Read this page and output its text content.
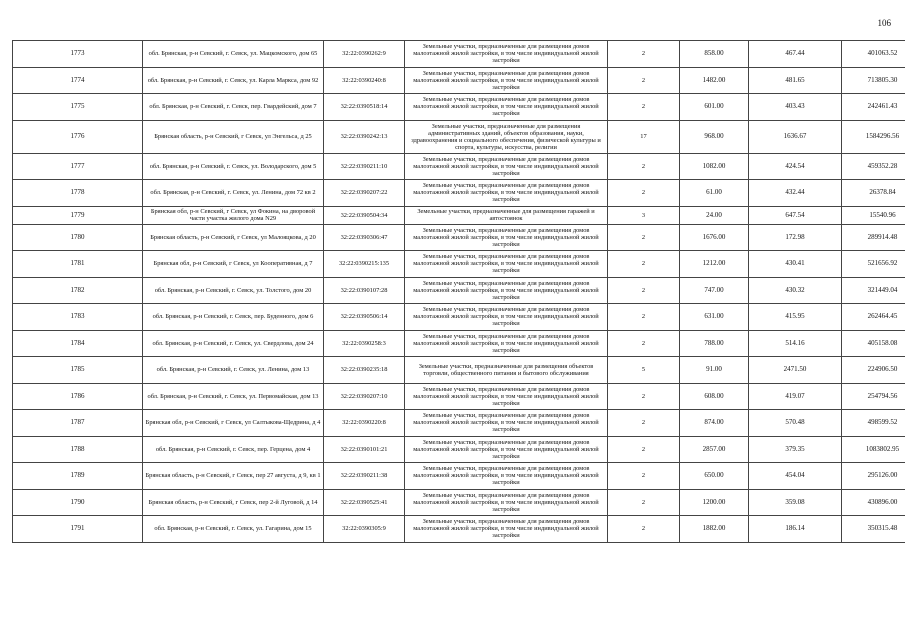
106
1773	обл. Брянская, р-н Севский, г. Севск, ул. Мацкомского, дом 65	32:22:0390262:9	Земельные участки, предназначенные для размещения домов малоэтажной жилой застройки, в том числе индивидуальной жилой застройки	2	858.00	467.44	401063.52
1774	обл. Брянская, р-н Севский, г. Севск, ул. Карла Маркса, дом 92	32:22:0390240:8	Земельные участки, предназначенные для размещения домов малоэтажной жилой застройки, в том числе индивидуальной жилой застройки	2	1482.00	481.65	713805.30
1775	обл. Брянская, р-н Севский, г. Севск, пер. Гвардейский, дом 7	32:22:0390518:14	Земельные участки, предназначенные для размещения домов малоэтажной жилой застройки, в том числе индивидуальной жилой застройки	2	601.00	403.43	242461.43
1776	Брянская область, р-н Севский, г Севск, ул Энгельса, д 25	32:22:0390242:13	Земельные участки, предназначенные для размещения административных зданий, объектов образования, науки, здравоохранения и социального обеспечения, физической культуры и спорта, культуры, искусства, религии	17	968.00	1636.67	1584296.56
1777	обл. Брянская, р-н Севский, г. Севск, ул. Володарского, дом 5	32:22:0390211:10	Земельные участки, предназначенные для размещения домов малоэтажной жилой застройки, в том числе индивидуальной жилой застройки	2	1082.00	424.54	459352.28
1778	обл. Брянская, р-н Севский, г. Севск, ул. Ленина, дом 72 кв 2	32:22:0390207:22	Земельные участки, предназначенные для размещения домов малоэтажной жилой застройки, в том числе индивидуальной жилой застройки	2	61.00	432.44	26378.84
1779	Брянская обл, р-н Севский, г Севск, ул Фокина, на дворовой части участка жилого дома N29	32:22:0390504:34	Земельные участки, предназначенные для размещения гаражей и автостоянок	3	24.00	647.54	15540.96
1780	Брянская область, р-н Севский, г Севск, ул Малояцкова, д 20	32:22:0390306:47	Земельные участки, предназначенные для размещения домов малоэтажной жилой застройки, в том числе индивидуальной жилой застройки	2	1676.00	172.98	289914.48
1781	Брянская обл, р-н Севский, г Севск, ул Кооперативная, д 7	32:22:0390215:135	Земельные участки, предназначенные для размещения домов малоэтажной жилой застройки, в том числе индивидуальной жилой застройки	2	1212.00	430.41	521656.92
1782	обл. Брянская, р-н Севский, г. Севск, ул. Толстого, дом 20	32:22:0390107:28	Земельные участки, предназначенные для размещения домов малоэтажной жилой застройки, в том числе индивидуальной жилой застройки	2	747.00	430.32	321449.04
1783	обл. Брянская, р-н Севский, г. Севск, пер. Буденного, дом 6	32:22:0390506:14	Земельные участки, предназначенные для размещения домов малоэтажной жилой застройки, в том числе индивидуальной жилой застройки	2	631.00	415.95	262464.45
1784	обл. Брянская, р-н Севский, г. Севск, ул. Свердлова, дом 24	32:22:0390258:3	Земельные участки, предназначенные для размещения домов малоэтажной жилой застройки, в том числе индивидуальной жилой застройки	2	788.00	514.16	405158.08
1785	обл. Брянская, р-н Севский, г. Севск, ул. Ленина, дом 13	32:22:0390235:18	Земельные участки, предназначенные для размещения объектов торговли, общественного питания и бытового обслуживания	5	91.00	2471.50	224906.50
1786	обл. Брянская, р-н Севский, г. Севск, ул. Первомайская, дом 13	32:22:0390207:10	Земельные участки, предназначенные для размещения домов малоэтажной жилой застройки, в том числе индивидуальной жилой застройки	2	608.00	419.07	254794.56
1787	Брянская обл, р-н Севский, г Севск, ул Салтыкова-Щедрина, д 4	32:22:0390220:8	Земельные участки, предназначенные для размещения домов малоэтажной жилой застройки, в том числе индивидуальной жилой застройки	2	874.00	570.48	498599.52
1788	обл. Брянская, р-н Севский, г. Севск, пер. Герцена, дом 4	32:22:0390101:21	Земельные участки, предназначенные для размещения домов малоэтажной жилой застройки, в том числе индивидуальной жилой застройки	2	2857.00	379.35	1083802.95
1789	Брянская область, р-н Севский, г Севск, пер 27 августа, д 9, кв 1	32:22:0390211:38	Земельные участки, предназначенные для размещения домов малоэтажной жилой застройки, в том числе индивидуальной жилой застройки	2	650.00	454.04	295126.00
1790	Брянская область, р-н Севский, г Севск, пер 2-й Луговой, д 14	32:22:0390525:41	Земельные участки, предназначенные для размещения домов малоэтажной жилой застройки, в том числе индивидуальной жилой застройки	2	1200.00	359.08	430896.00
1791	обл. Брянская, р-н Севский, г. Севск, ул. Гагарина, дом 15	32:22:0390305:9	Земельные участки, предназначенные для размещения домов малоэтажной жилой застройки, в том числе индивидуальной жилой застройки	2	1882.00	186.14	350315.48
